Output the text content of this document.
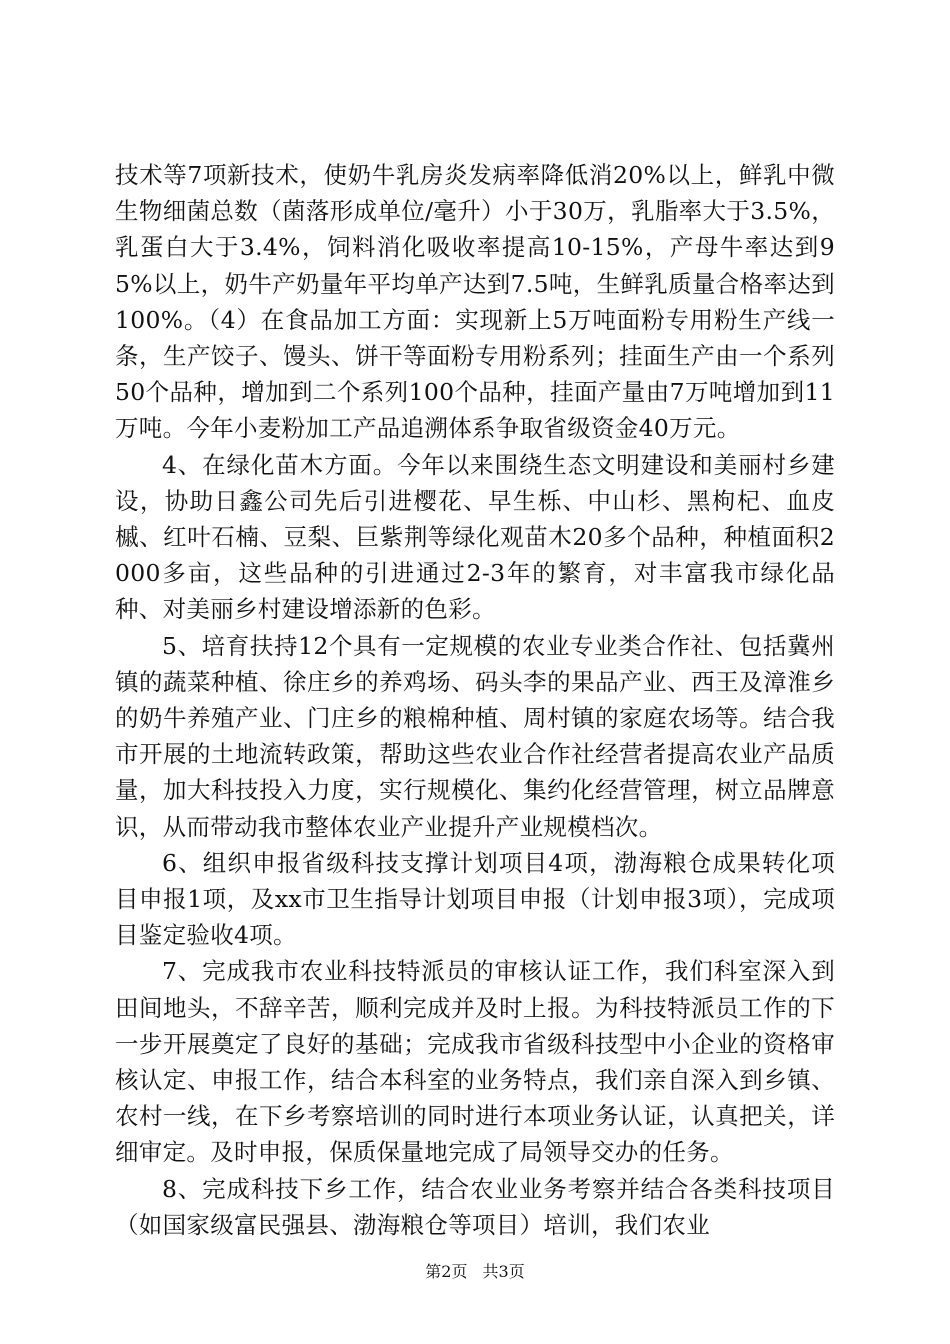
技术等7项新技术，使奶牛乳房炎发病率降低消20%以上，鲜乳中微生物细菌总数（菌落形成单位/毫升）小于30万，乳脂率大于3.5%，乳蛋白大于3.4%，饲料消化吸收率提高10-15%，产母牛率达到95%以上，奶牛产奶量年平均单产达到7.5吨，生鲜乳质量合格率达到100%。（4）在食品加工方面：实现新上5万吨面粉专用粉生产线一条，生产饺子、馒头、饼干等面粉专用粉系列；挂面生产由一个系列50个品种，增加到二个系列100个品种，挂面产量由7万吨增加到11万吨。今年小麦粉加工产品追溯体系争取省级资金40万元。

4、在绿化苗木方面。今年以来围绕生态文明建设和美丽村乡建设，协助日鑫公司先后引进樱花、早生栎、中山杉、黑枸杞、血皮槭、红叶石楠、豆梨、巨紫荆等绿化观苗木20多个品种，种植面积2000多亩，这些品种的引进通过2-3年的繁育，对丰富我市绿化品种、对美丽乡村建设增添新的色彩。

5、培育扶持12个具有一定规模的农业专业类合作社、包括冀州镇的蔬菜种植、徐庄乡的养鸡场、码头李的果品产业、西王及漳淮乡的奶牛养殖产业、门庄乡的粮棉种植、周村镇的家庭农场等。结合我市开展的土地流转政策，帮助这些农业合作社经营者提高农业产品质量，加大科技投入力度，实行规模化、集约化经营管理，树立品牌意识，从而带动我市整体农业产业提升产业规模档次。

6、组织申报省级科技支撑计划项目4项，渤海粮仓成果转化项目申报1项，及xx市卫生指导计划项目申报（计划申报3项），完成项目鉴定验收4项。

7、完成我市农业科技特派员的审核认证工作，我们科室深入到田间地头，不辞辛苦，顺利完成并及时上报。为科技特派员工作的下一步开展奠定了良好的基础；完成我市省级科技型中小企业的资格审核认定、申报工作，结合本科室的业务特点，我们亲自深入到乡镇、农村一线，在下乡考察培训的同时进行本项业务认证，认真把关，详细审定。及时申报，保质保量地完成了局领导交办的任务。

8、完成科技下乡工作，结合农业业务考察并结合各类科技项目（如国家级富民强县、渤海粮仓等项目）培训，我们农业

第2页 共3页
